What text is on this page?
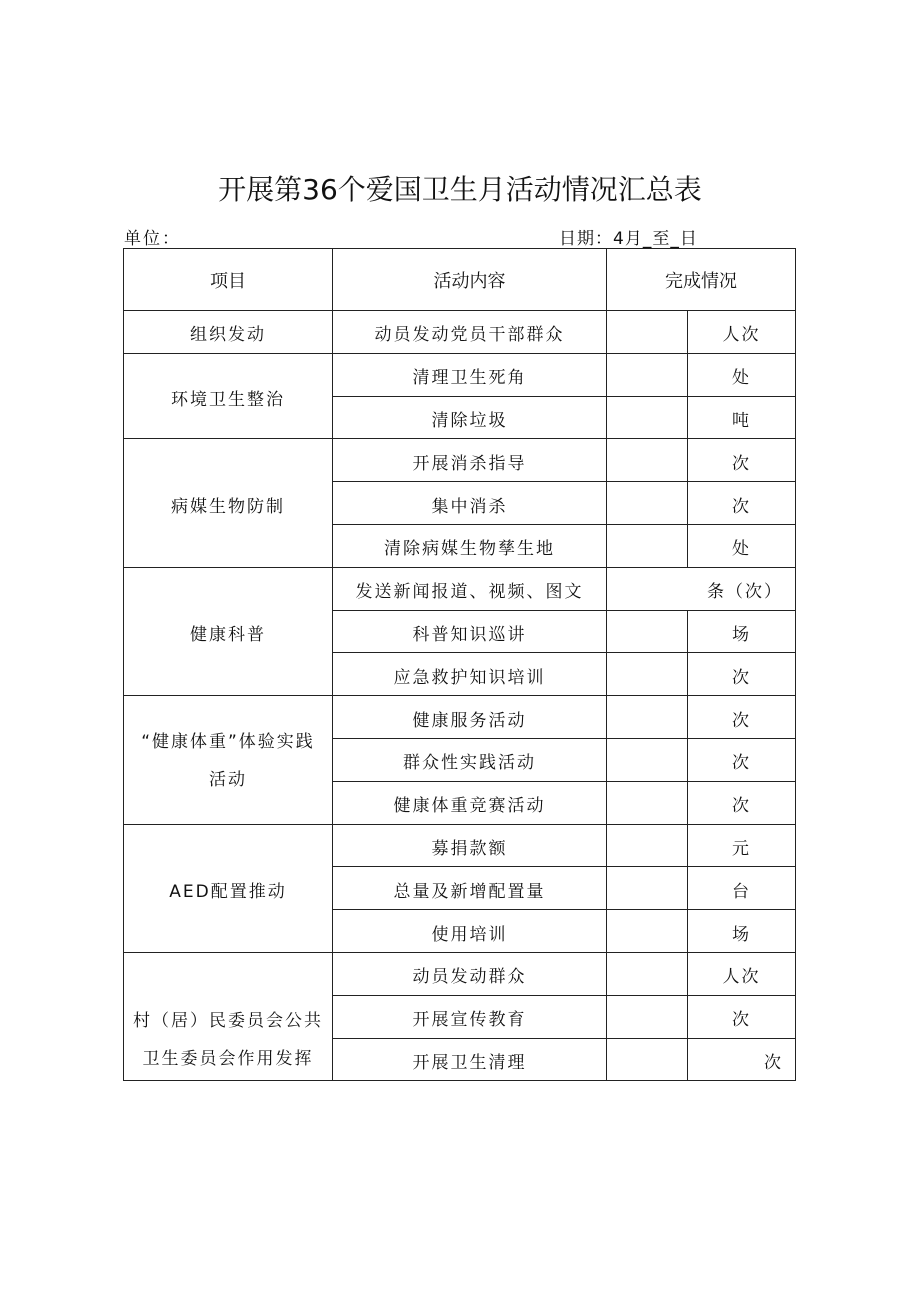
开展第36个爱国卫生月活动情况汇总表
单位：	日期：4月_至_日
项目	活动内容	完成情况	
组织发动	动员发动党员干部群众		人次
环境卫生整治	清理卫生死角		处
	清除垃圾		吨
病媒生物防制	开展消杀指导		次
	集中消杀		次
	清除病媒生物孳生地		处
健康科普	发送新闻报道、视频、图文	条（次）	
	科普知识巡讲		场
	应急救护知识培训		次

“健康体重”体验实践
活动	健康服务活动		次
	群众性实践活动		次
	健康体重竞赛活动		次
AED配置推动	募捐款额		元
	总量及新增配置量		台
	使用培训		场

村（居）民委员会公共
卫生委员会作用发挥	动员发动群众		人次
	开展宣传教育		次
	开展卫生清理		次
